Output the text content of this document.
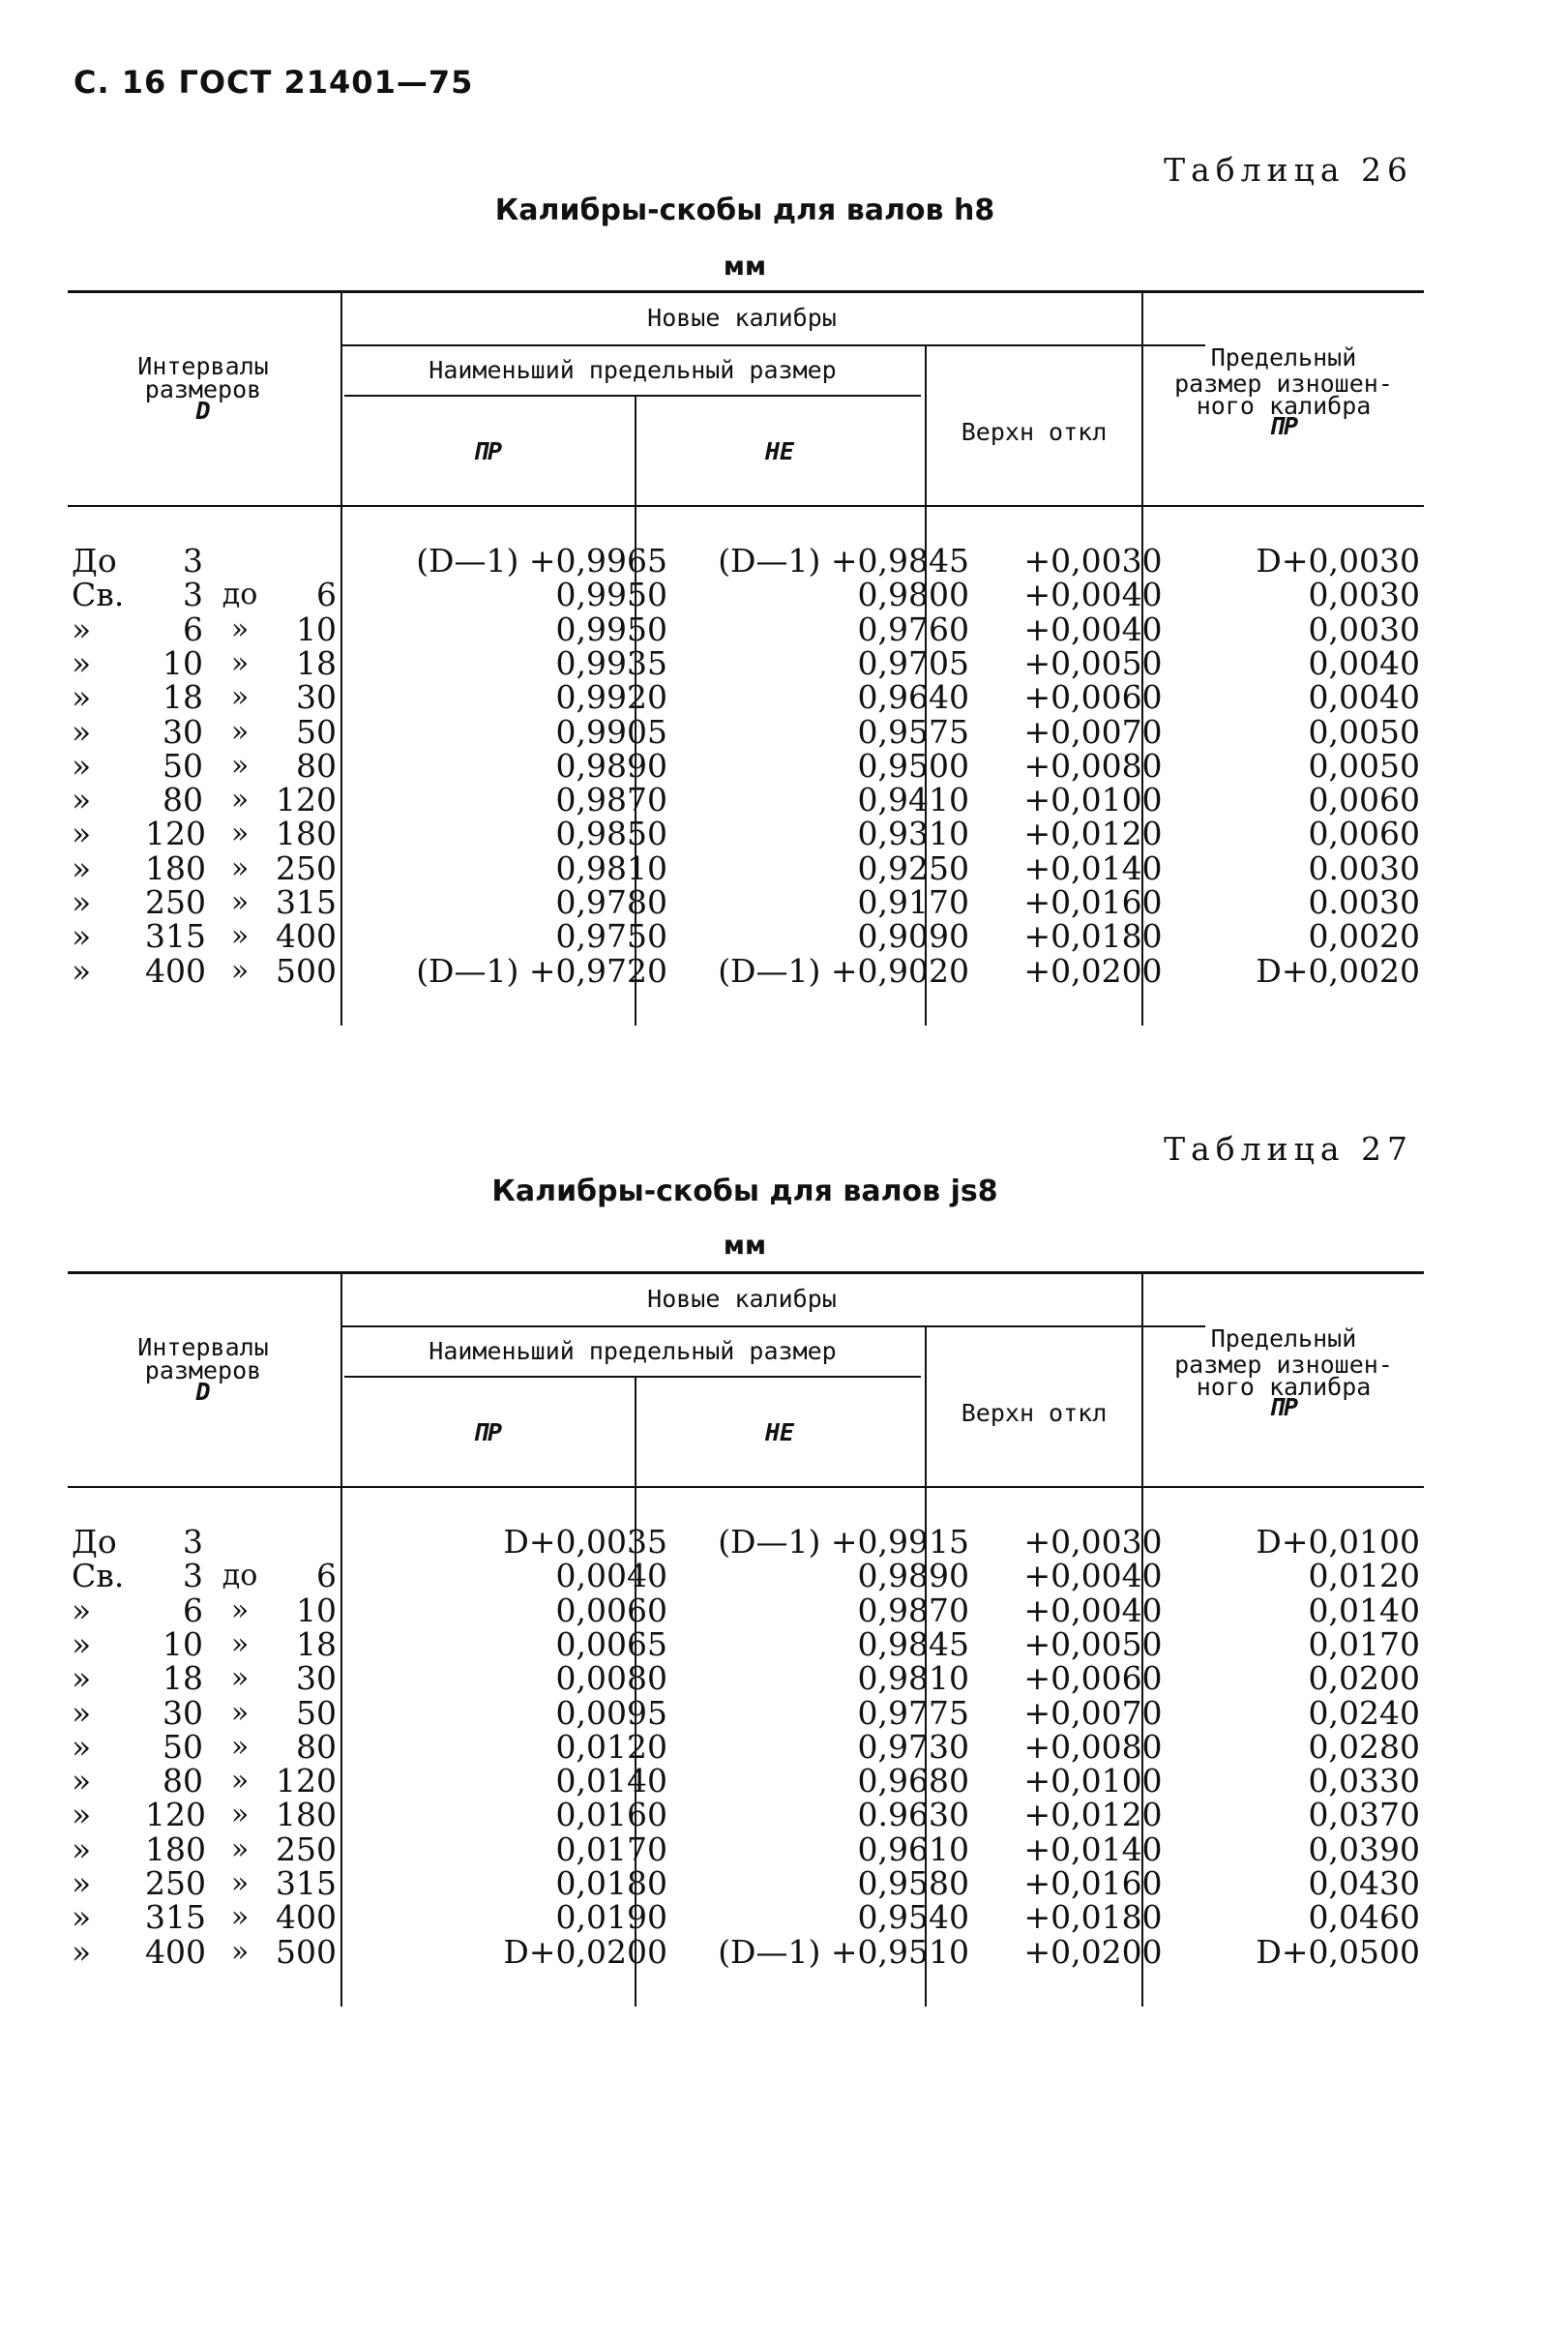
С. 16 ГОСТ 21401—75
Таблица 26
Калибры-скобы для валов h8
мм
Интервалы
размеров
D
Новые калибры
Наименьший предельный размер
ПР	НЕ
Верхн откл
Предельный
размер изношен-
ного калибра
ПР
До	3	(D—1) +0,9965	(D—1) +0,9845	+0,0030	D+0,0030
Св.	3 до	6	0,9950	0,9800	+0,0040	0,0030
»	6 »	10	0,9950	0,9760	+0,0040	0,0030
»	10 »	18	0,9935	0,9705	+0,0050	0,0040
»	18 »	30	0,9920	0,9640	+0,0060	0,0040
»	30 »	50	0,9905	0,9575	+0,0070	0,0050
»	50 »	80	0,9890	0,9500	+0,0080	0,0050
»	80 » 120	0,9870	0,9410	+0,0100	0,0060
» 120 » 180	0,9850	0,9310	+0,0120	0,0060
» 180 » 250	0,9810	0,9250	+0,0140	0.0030
» 250 » 315	0,9780	0,9170	+0,0160	0.0030
» 315 » 400	0,9750	0,9090	+0,0180	0,0020
» 400 » 500	(D—1) +0,9720	(D—1) +0,9020	+0,0200	D+0,0020
Таблица 27
Калибры-скобы для валов js8
мм
Интервалы
размеров
D
Новые калибры
Наименьший предельный размер
ПР	НЕ
Верхн откл
Предельный
размер изношен-
ного калибра
ПР
До	3	D+0,0035	(D—1) +0,9915	+0,0030	D+0,0100
Св.	3 до	6	0,0040	0,9890	+0,0040	0,0120
»	6 »	10	0,0060	0,9870	+0,0040	0,0140
»	10 »	18	0,0065	0,9845	+0,0050	0,0170
»	18 »	30	0,0080	0,9810	+0,0060	0,0200
»	30 »	50	0,0095	0,9775	+0,0070	0,0240
»	50 »	80	0,0120	0,9730	+0,0080	0,0280
»	80 » 120	0,0140	0,9680	+0,0100	0,0330
» 120 » 180	0,0160	0.9630	+0,0120	0,0370
» 180 » 250	0,0170	0,9610	+0,0140	0,0390
» 250 » 315	0,0180	0,9580	+0,0160	0,0430
» 315 » 400	0,0190	0,9540	+0,0180	0,0460
» 400 » 500	D+0,0200	(D—1) +0,9510	+0,0200	D+0,0500
